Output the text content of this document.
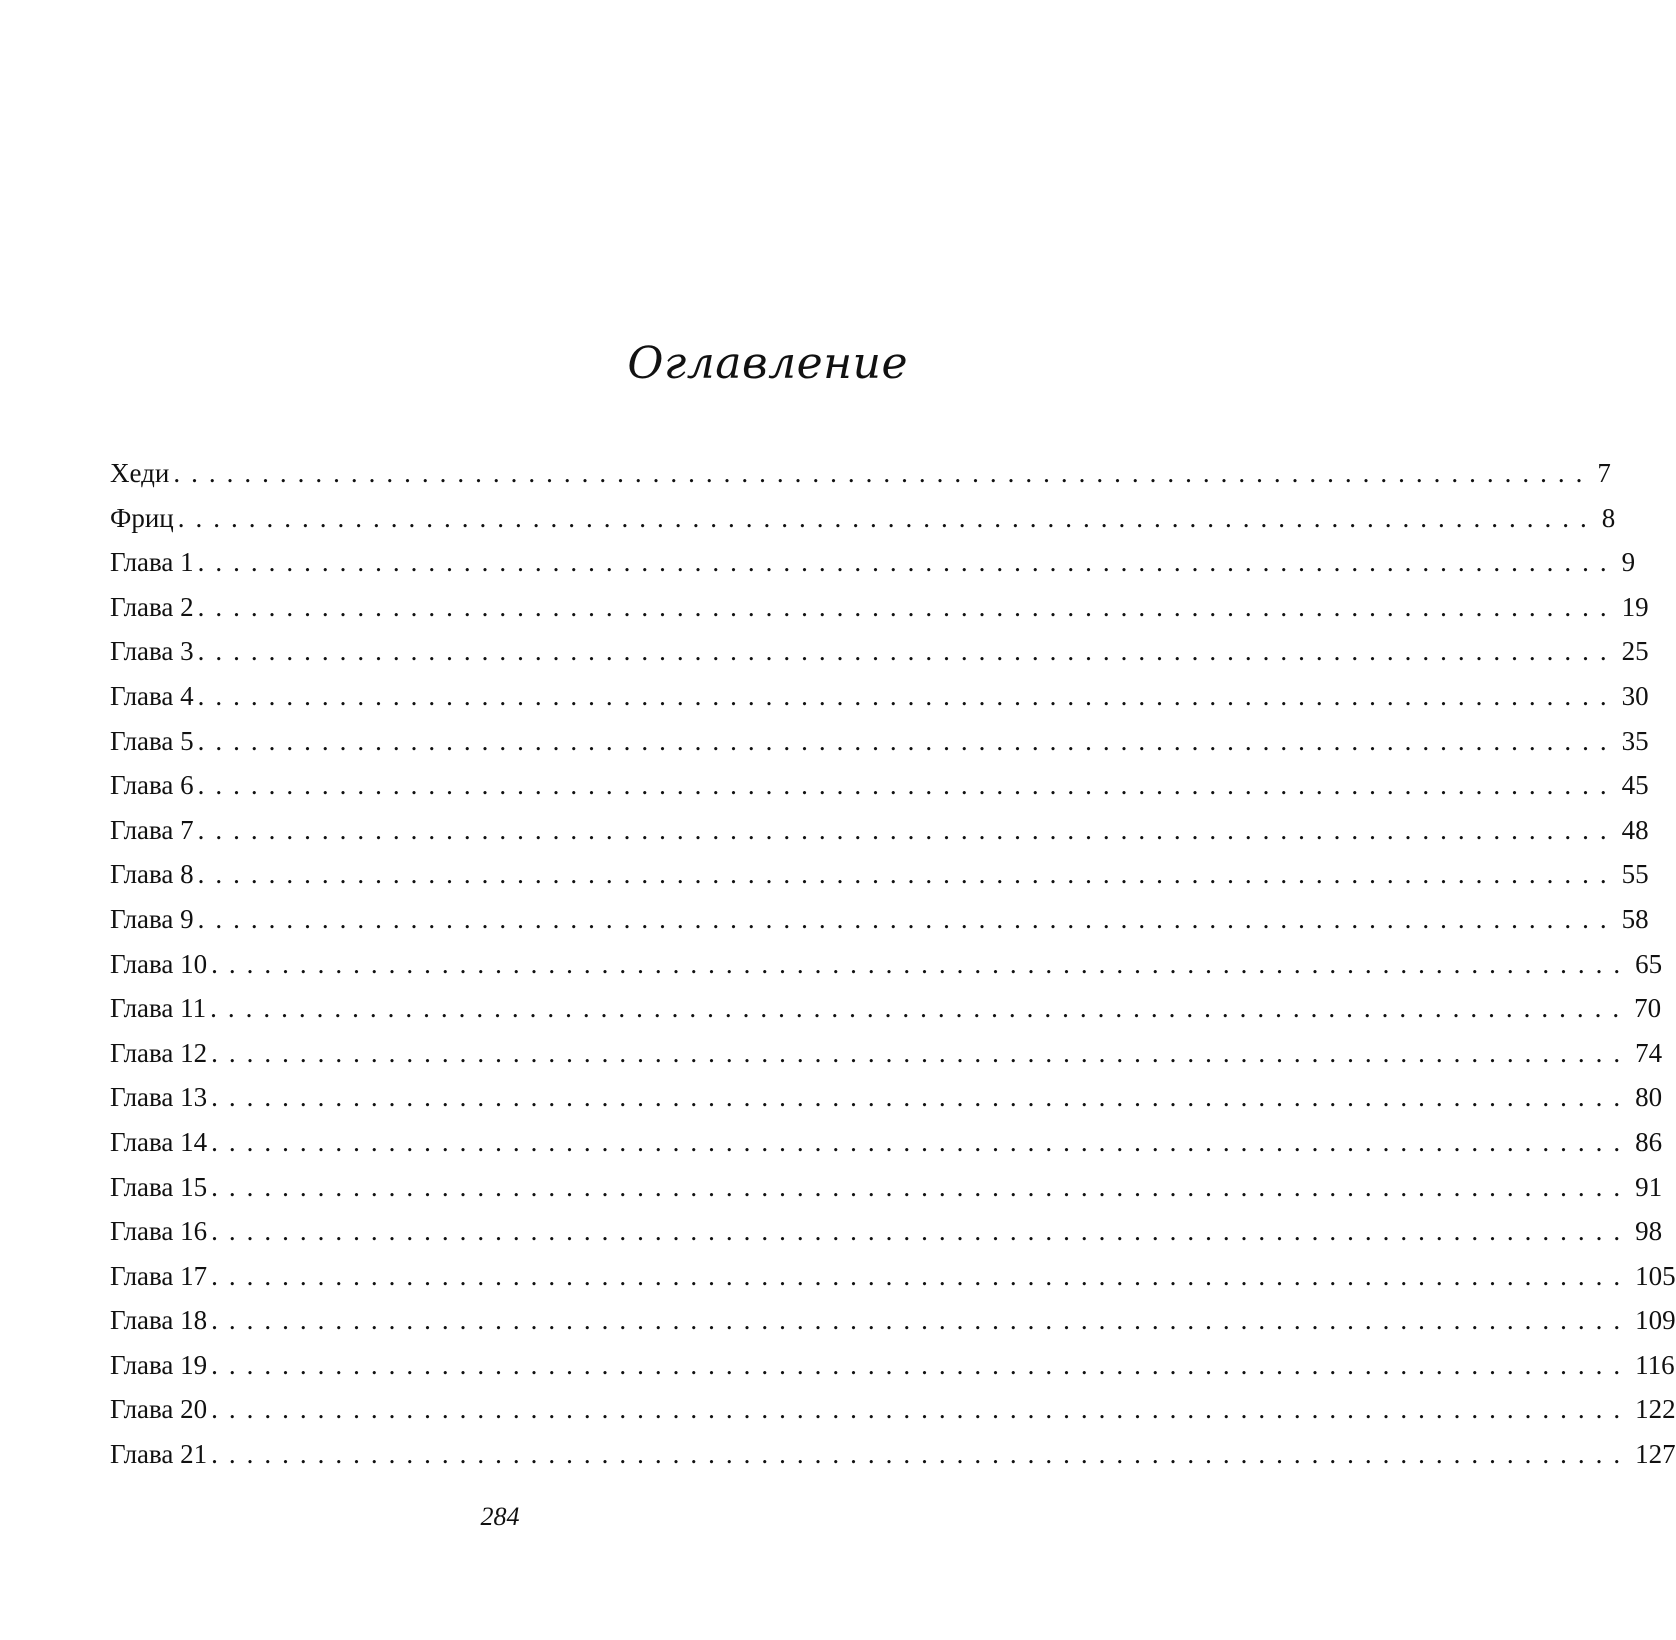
Оглавление
Хеди ................................................................................ 7
Фриц ................................................................................ 8
Глава 1 ................................................................................ 9
Глава 2 ................................................................................ 19
Глава 3 ................................................................................ 25
Глава 4 ................................................................................ 30
Глава 5 ................................................................................ 35
Глава 6 ................................................................................ 45
Глава 7 ................................................................................ 48
Глава 8 ................................................................................ 55
Глава 9 ................................................................................ 58
Глава 10 ................................................................................ 65
Глава 11 ................................................................................ 70
Глава 12 ................................................................................ 74
Глава 13 ................................................................................ 80
Глава 14 ................................................................................ 86
Глава 15 ................................................................................ 91
Глава 16 ................................................................................ 98
Глава 17 ................................................................................ 105
Глава 18 ................................................................................ 109
Глава 19 ................................................................................ 116
Глава 20 ................................................................................ 122
Глава 21 ................................................................................ 127
284
